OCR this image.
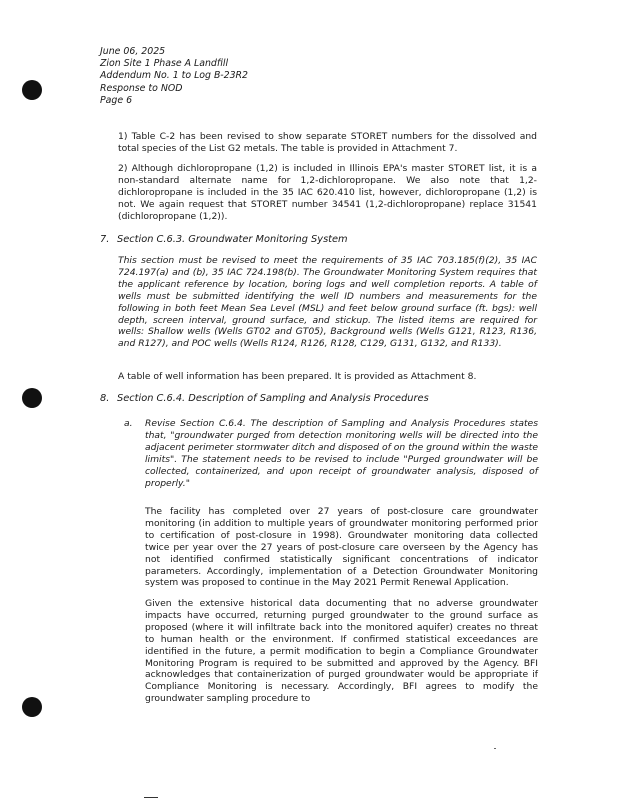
June 06, 2025
Zion Site 1 Phase A Landfill
Addendum No. 1 to Log B-23R2
Response to NOD
Page 6

1) Table C-2 has been revised to show separate STORET numbers for the dissolved and total species of the List G2 metals. The table is provided in Attachment 7.

2) Although dichloropropane (1,2) is included in Illinois EPA's master STORET list, it is a non-standard alternate name for 1,2-dichloropropane. We also note that 1,2-dichloropropane is included in the 35 IAC 620.410 list, however, dichloropropane (1,2) is not. We again request that STORET number 34541 (1,2-dichloropropane) replace 31541 (dichloropropane (1,2)).

7. Section C.6.3. Groundwater Monitoring System

This section must be revised to meet the requirements of 35 IAC 703.185(f)(2), 35 IAC 724.197(a) and (b), 35 IAC 724.198(b). The Groundwater Monitoring System requires that the applicant reference by location, boring logs and well completion reports. A table of wells must be submitted identifying the well ID numbers and measurements for the following in both feet Mean Sea Level (MSL) and feet below ground surface (ft. bgs): well depth, screen interval, ground surface, and stickup. The listed items are required for wells: Shallow wells (Wells GT02 and GT05), Background wells (Wells G121, R123, R136, and R127), and POC wells (Wells R124, R126, R128, C129, G131, G132, and R133).

A table of well information has been prepared. It is provided as Attachment 8.

8. Section C.6.4. Description of Sampling and Analysis Procedures
a. Revise Section C.6.4. The description of Sampling and Analysis Procedures states that, "groundwater purged from detection monitoring wells will be directed into the adjacent perimeter stormwater ditch and disposed of on the ground within the waste limits". The statement needs to be revised to include "Purged groundwater will be collected, containerized, and upon receipt of groundwater analysis, disposed of properly."

The facility has completed over 27 years of post-closure care groundwater monitoring (in addition to multiple years of groundwater monitoring performed prior to certification of post-closure in 1998). Groundwater monitoring data collected twice per year over the 27 years of post-closure care overseen by the Agency has not identified confirmed statistically significant concentrations of indicator parameters. Accordingly, implementation of a Detection Groundwater Monitoring system was proposed to continue in the May 2021 Permit Renewal Application.

Given the extensive historical data documenting that no adverse groundwater impacts have occurred, returning purged groundwater to the ground surface as proposed (where it will infiltrate back into the monitored aquifer) creates no threat to human health or the environment. If confirmed statistical exceedances are identified in the future, a permit modification to begin a Compliance Groundwater Monitoring Program is required to be submitted and approved by the Agency. BFI acknowledges that containerization of purged groundwater would be appropriate if Compliance Monitoring is necessary. Accordingly, BFI agrees to modify the groundwater sampling procedure to
